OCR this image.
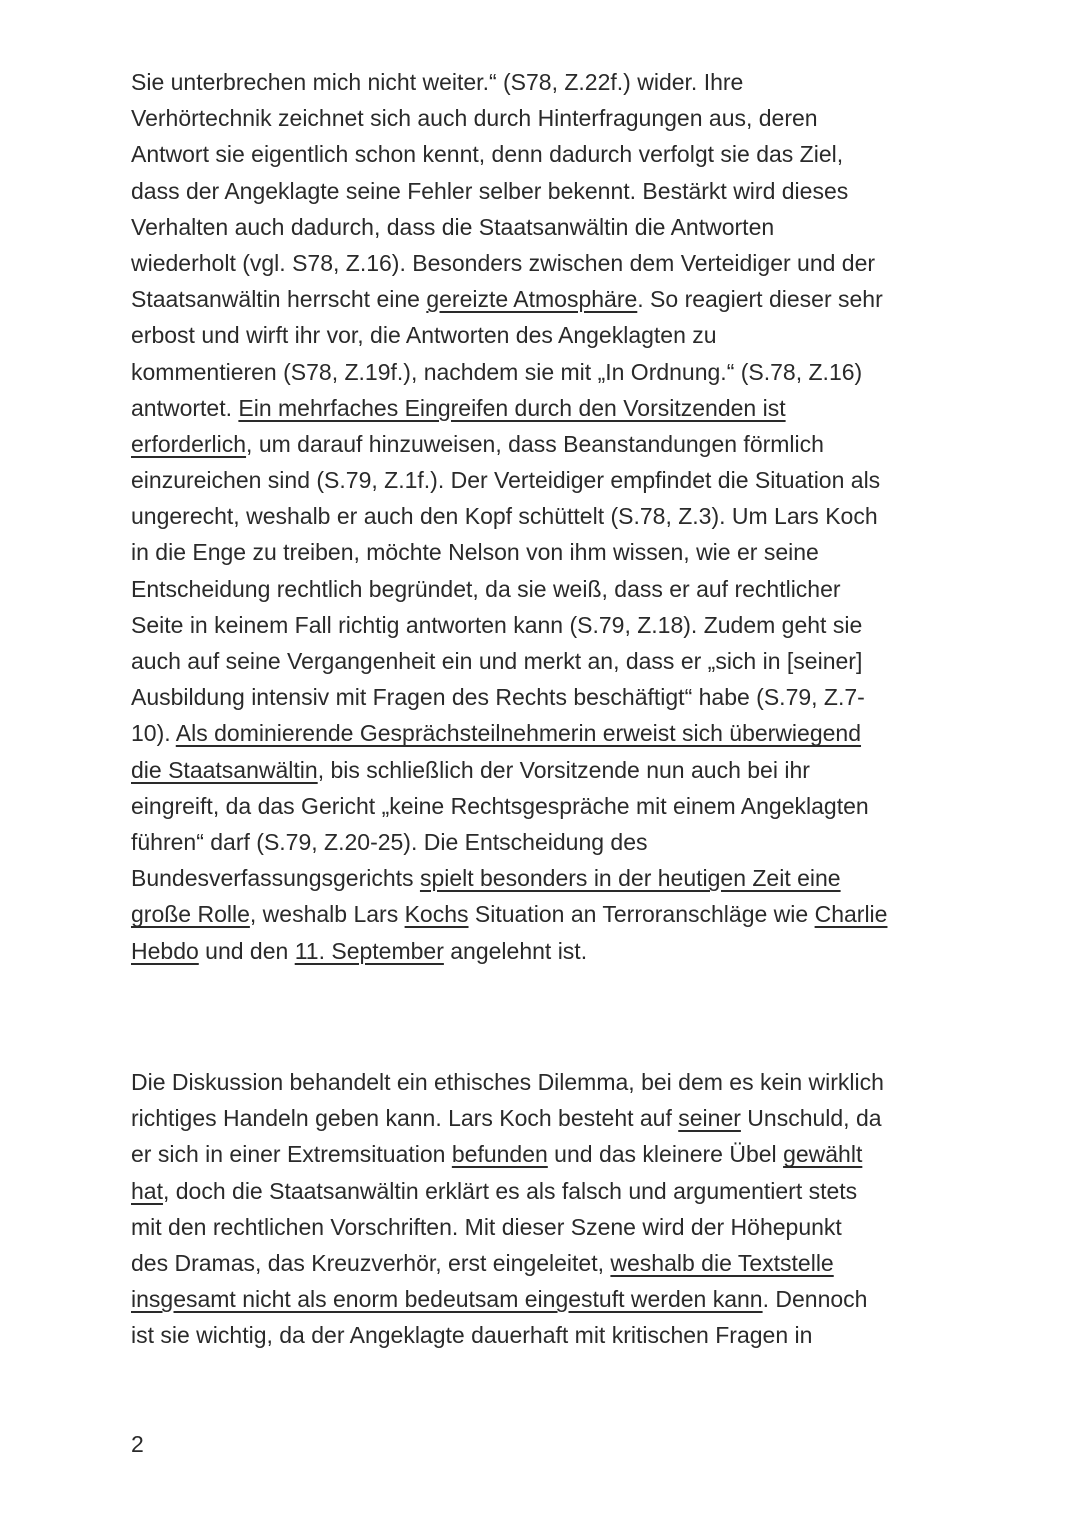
Sie unterbrechen mich nicht weiter.“ (S78, Z.22f.) wider. Ihre
Verhörtechnik zeichnet sich auch durch Hinterfragungen aus, deren
Antwort sie eigentlich schon kennt, denn dadurch verfolgt sie das Ziel,
dass der Angeklagte seine Fehler selber bekennt. Bestärkt wird dieses
Verhalten auch dadurch, dass die Staatsanwältin die Antworten
wiederholt (vgl. S78, Z.16). Besonders zwischen dem Verteidiger und der
Staatsanwältin herrscht eine gereizte Atmosphäre. So reagiert dieser sehr
erbost und wirft ihr vor, die Antworten des Angeklagten zu
kommentieren (S78, Z.19f.), nachdem sie mit „In Ordnung.“ (S.78, Z.16)
antwortet. Ein mehrfaches Eingreifen durch den Vorsitzenden ist
erforderlich, um darauf hinzuweisen, dass Beanstandungen förmlich
einzureichen sind (S.79, Z.1f.). Der Verteidiger empfindet die Situation als
ungerecht, weshalb er auch den Kopf schüttelt (S.78, Z.3). Um Lars Koch
in die Enge zu treiben, möchte Nelson von ihm wissen, wie er seine
Entscheidung rechtlich begründet, da sie weiß, dass er auf rechtlicher
Seite in keinem Fall richtig antworten kann (S.79, Z.18). Zudem geht sie
auch auf seine Vergangenheit ein und merkt an, dass er „sich in [seiner]
Ausbildung intensiv mit Fragen des Rechts beschäftigt“ habe (S.79, Z.7-
10). Als dominierende Gesprächsteilnehmerin erweist sich überwiegend
die Staatsanwältin, bis schließlich der Vorsitzende nun auch bei ihr
eingreift, da das Gericht „keine Rechtsgespräche mit einem Angeklagten
führen“ darf (S.79, Z.20-25). Die Entscheidung des
Bundesverfassungsgerichts spielt besonders in der heutigen Zeit eine
große Rolle, weshalb Lars Kochs Situation an Terroranschläge wie Charlie
Hebdo und den 11. September angelehnt ist.

Die Diskussion behandelt ein ethisches Dilemma, bei dem es kein wirklich
richtiges Handeln geben kann. Lars Koch besteht auf seiner Unschuld, da
er sich in einer Extremsituation befunden und das kleinere Übel gewählt
hat, doch die Staatsanwältin erklärt es als falsch und argumentiert stets
mit den rechtlichen Vorschriften. Mit dieser Szene wird der Höhepunkt
des Dramas, das Kreuzverhör, erst eingeleitet, weshalb die Textstelle
insgesamt nicht als enorm bedeutsam eingestuft werden kann. Dennoch
ist sie wichtig, da der Angeklagte dauerhaft mit kritischen Fragen in

2
